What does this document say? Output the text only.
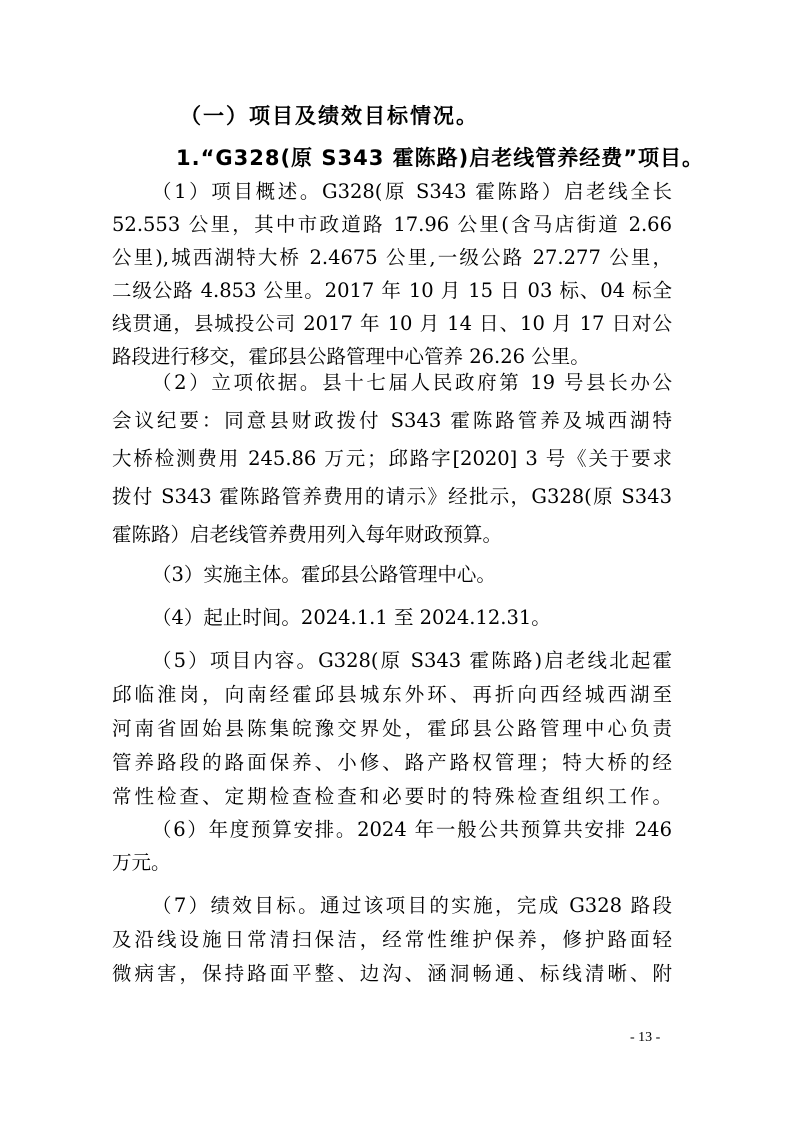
（一）项目及绩效目标情况。
1.“G328(原 S343 霍陈路)启老线管养经费”项目。
（1）项目概述。G328(原 S343 霍陈路）启老线全长
52.553 公里，其中市政道路 17.96 公里(含马店街道 2.66
公里),城西湖特大桥 2.4675 公里,一级公路 27.277 公里，
二级公路 4.853 公里。2017 年 10 月 15 日 03 标、04 标全
线贯通，县城投公司 2017 年 10 月 14 日、10 月 17 日对公
路段进行移交，霍邱县公路管理中心管养 26.26 公里。
（2）立项依据。县十七届人民政府第 19 号县长办公
会议纪要：同意县财政拨付 S343 霍陈路管养及城西湖特
大桥检测费用 245.86 万元；邱路字[2020] 3 号《关于要求
拨付 S343 霍陈路管养费用的请示》经批示，G328(原 S343
霍陈路）启老线管养费用列入每年财政预算。
（3）实施主体。霍邱县公路管理中心。
（4）起止时间。2024.1.1 至 2024.12.31。
（5）项目内容。G328(原 S343 霍陈路)启老线北起霍
邱临淮岗，向南经霍邱县城东外环、再折向西经城西湖至
河南省固始县陈集皖豫交界处，霍邱县公路管理中心负责
管养路段的路面保养、小修、路产路权管理；特大桥的经
常性检查、定期检查检查和必要时的特殊检查组织工作。
（6）年度预算安排。2024 年一般公共预算共安排 246
万元。
（7）绩效目标。通过该项目的实施，完成 G328 路段
- 13 -
及沿线设施日常清扫保洁，经常性维护保养，修护路面轻
微病害，保持路面平整、边沟、涵洞畅通、标线清晰、附
